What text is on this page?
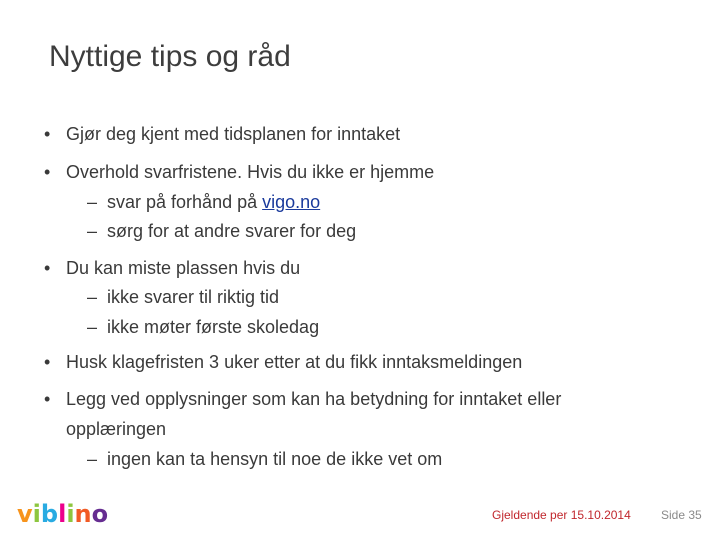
Nyttige tips og råd
• Gjør deg kjent med tidsplanen for inntaket
• Overhold svarfristene. Hvis du ikke er hjemme
– svar på forhånd på vigo.no
– sørg for at andre svarer for deg
• Du kan miste plassen hvis du
– ikke svarer til riktig tid
– ikke møter første skoledag
• Husk klagefristen 3 uker etter at du fikk inntaksmeldingen
• Legg ved opplysninger som kan ha betydning for inntaket eller
opplæringen
– ingen kan ta hensyn til noe de ikke vet om
viblino	Gjeldende per 15.10.2014	Side 35
